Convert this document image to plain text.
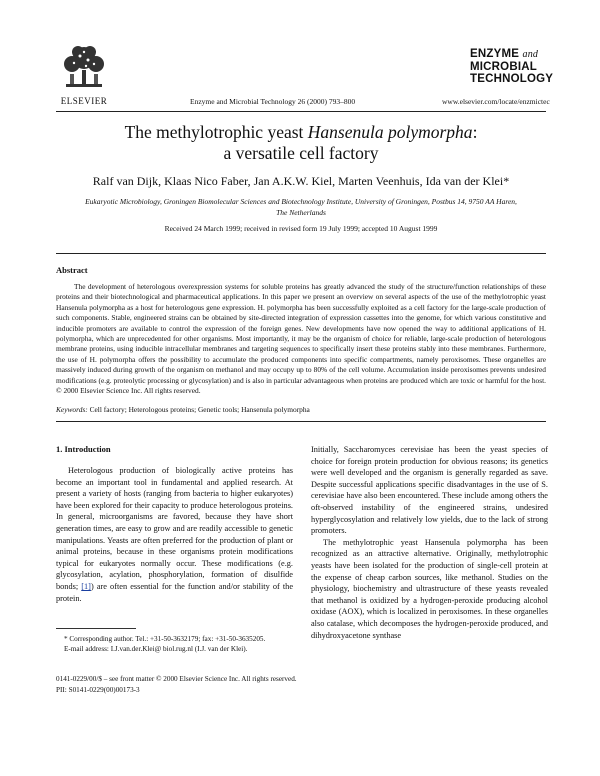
ELSEVIER	Enzyme and Microbial Technology 26 (2000) 793–800	www.elsevier.com/locate/enzmictec
ENZYME and
MICROBIAL
TECHNOLOGY
The methylotrophic yeast Hansenula polymorpha:
a versatile cell factory
Ralf van Dijk, Klaas Nico Faber, Jan A.K.W. Kiel, Marten Veenhuis, Ida van der Klei*
Eukaryotic Microbiology, Groningen Biomolecular Sciences and Biotechnology Institute, University of Groningen, Postbus 14, 9750 AA Haren, The Netherlands
Received 24 March 1999; received in revised form 19 July 1999; accepted 10 August 1999
Abstract

The development of heterologous overexpression systems for soluble proteins has greatly advanced the study of the structure/function relationships of these proteins and their biotechnological and pharmaceutical applications. In this paper we present an overview on several aspects of the use of the methylotrophic yeast Hansenula polymorpha as a host for heterologous gene expression. H. polymorpha has been successfully exploited as a cell factory for the large-scale production of such components. Stable, engineered strains can be obtained by site-directed integration of expression cassettes into the genome, for which various constitutive and inducible promoters are available to control the expression of the foreign genes. New developments have now opened the way to additional applications of H. polymorpha, which are unprecedented for other organisms. Most importantly, it may be the organism of choice for reliable, large-scale production of heterologous membrane proteins, using inducible intracellular membranes and targeting sequences to specifically insert these proteins stably into these membranes. Furthermore, the use of H. polymorpha offers the possibility to accumulate the produced components into specific compartments, namely peroxisomes. These organelles are massively induced during growth of the organism on methanol and may occupy up to 80% of the cell volume. Accumulation inside peroxisomes prevents undesired modifications (e.g. proteolytic processing or glycosylation) and is also in particular advantageous when proteins are produced which are toxic or harmful for the host. © 2000 Elsevier Science Inc. All rights reserved.

Keywords: Cell factory; Heterologous proteins; Genetic tools; Hansenula polymorpha
1. Introduction

Heterologous production of biologically active proteins has become an important tool in fundamental and applied research. At present a variety of hosts (ranging from bacteria to higher eukaryotes) have been explored for their capacity to produce heterologous proteins. In general, microorganisms are favored, because they have short generation times, are easy to grow and are readily accessible to genetic manipulations. Yeasts are often preferred for the production of plant or animal proteins, because in these organisms protein modifications typical for eukaryotes normally occur. These modifications (e.g. glycosylation, acylation, phosphorylation, formation of disulfide bonds; [1]) are often essential for the function and/or stability of the protein.

Initially, Saccharomyces cerevisiae has been the yeast species of choice for foreign protein production for obvious reasons; its genetics were well developed and the organism is generally regarded as save. Despite successful applications specific disadvantages in the use of S. cerevisiae have also been encountered. These include among others the oft-observed instability of the engineered strains, undesired hyperglycosylation and relatively low yields, due to the lack of strong promoters.

The methylotrophic yeast Hansenula polymorpha has been recognized as an attractive alternative. Originally, methylotrophic yeasts have been isolated for the production of single-cell protein at the expense of cheap carbon sources, like methanol. Studies on the physiology, biochemistry and ultrastructure of these yeasts revealed that methanol is oxidized by a hydrogen-peroxide producing alcohol oxidase (AOX), which is localized in peroxisomes. In these organelles also catalase, which decomposes the hydrogen-peroxide produced, and dihydroxyacetone synthase

* Corresponding author. Tel.: +31-50-3632179; fax: +31-50-3635205.

E-mail address: I.J.van.der.Klei@ biol.rug.nl (I.J. van der Klei).

0141-0229/00/$ – see front matter © 2000 Elsevier Science Inc. All rights reserved.
PII: S0141-0229(00)00173-3
